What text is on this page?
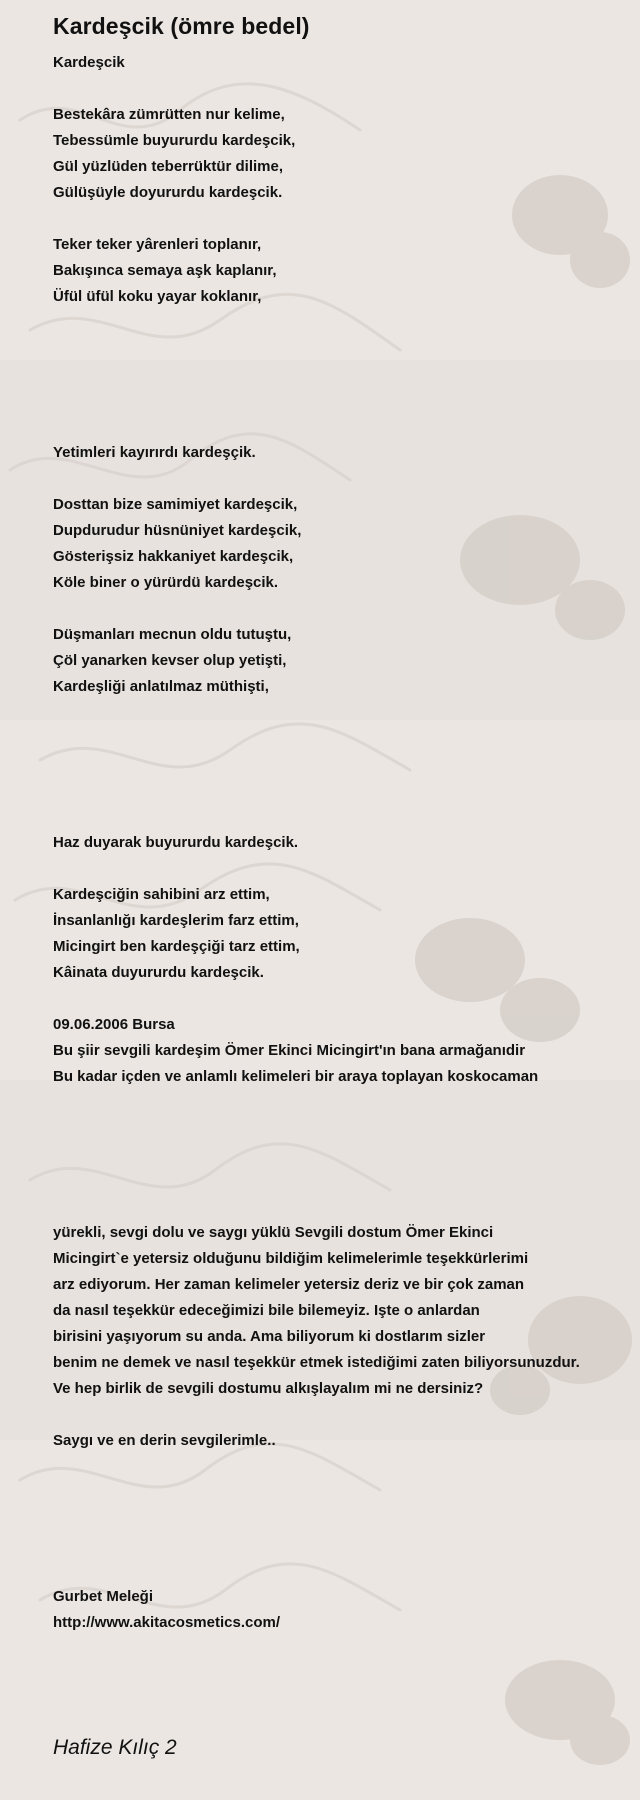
Kardeşcik (ömre bedel)
Kardeşcik
Bestekâra zümrütten nur kelime,
Tebessümle buyururdu kardeşcik,
Gül yüzlüden teberrüktür dilime,
Gülüşüyle doyururdu kardeşcik.
Teker teker yârenleri toplanır,
Bakışınca semaya aşk kaplanır,
Üfül üfül koku yayar koklanır,
Yetimleri kayırırdı kardeşçik.
Dosttan bize samimiyet kardeşcik,
Dupdurudur hüsnüniyet kardeşcik,
Gösterişsiz hakkaniyet kardeşcik,
Köle biner o yürürdü kardeşcik.
Düşmanları mecnun oldu tutuştu,
Çöl yanarken kevser olup yetişti,
Kardeşliği anlatılmaz müthişti,
Haz duyarak buyururdu kardeşcik.
Kardeşciğin sahibini arz ettim,
İnsanlanlığı kardeşlerim farz ettim,
Micingirt ben kardeşçiği tarz ettim,
Kâinata duyururdu kardeşcik.
09.06.2006 Bursa
Bu şiir sevgili kardeşim Ömer Ekinci Micingirt'ın bana armağanıdir
Bu kadar içden ve anlamlı kelimeleri bir araya toplayan koskocaman
yürekli, sevgi dolu ve saygı yüklü Sevgili dostum Ömer Ekinci
Micingirt`e yetersiz olduğunu bildiğim kelimelerimle teşekkürlerimi
arz ediyorum. Her zaman kelimeler yetersiz deriz ve bir çok zaman
da nasıl teşekkür edeceğimizi bile bilemeyiz. Işte o anlardan
birisini yaşıyorum su anda. Ama biliyorum ki dostlarım sizler
benim ne demek ve nasıl teşekkür etmek istediğimi zaten biliyorsunuzdur.
Ve hep birlik de sevgili dostumu alkışlayalım mi ne dersiniz?
Saygı ve en derin sevgilerimle..
Gurbet Meleği
http://www.akitacosmetics.com/
Hafize Kılıç 2
